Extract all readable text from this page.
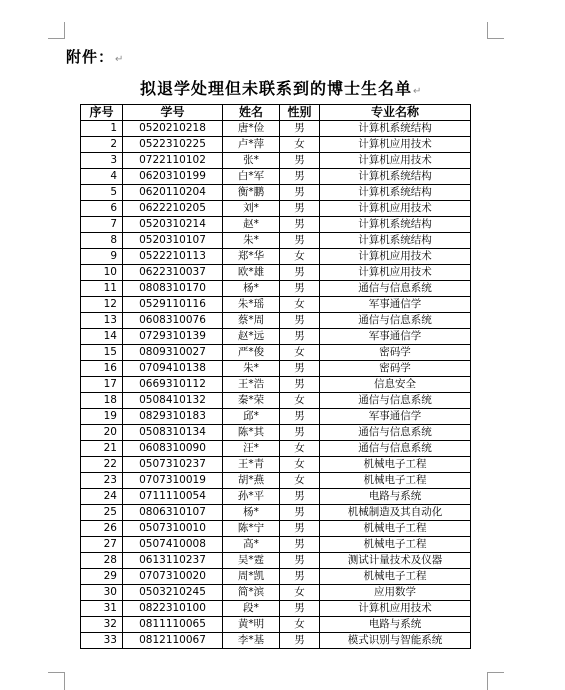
附件：↵
拟退学处理但未联系到的博士生名单↵
序号	学号	姓名	性别	专业名称
1	0520210218	唐*俭	男	计算机系统结构
2	0522310225	卢*萍	女	计算机应用技术
3	0722110102	张*	男	计算机应用技术
4	0620310199	白*军	男	计算机系统结构
5	0620110204	衡*鹏	男	计算机系统结构
6	0622210205	刘*	男	计算机应用技术
7	0520310214	赵*	男	计算机系统结构
8	0520310107	朱*	男	计算机系统结构
9	0522210113	郑*华	女	计算机应用技术
10	0622310037	欧*雄	男	计算机应用技术
11	0808310170	杨*	男	通信与信息系统
12	0529110116	朱*瑶	女	军事通信学
13	0608310076	蔡*周	男	通信与信息系统
14	0729310139	赵*远	男	军事通信学
15	0809310027	严*俊	女	密码学
16	0709410138	朱*	男	密码学
17	0669310112	王*浩	男	信息安全
18	0508410132	秦*荣	女	通信与信息系统
19	0829310183	邱*	男	军事通信学
20	0508310134	陈*其	男	通信与信息系统
21	0608310090	汪*	女	通信与信息系统
22	0507310237	王*青	女	机械电子工程
23	0707310019	胡*燕	女	机械电子工程
24	0711110054	孙*平	男	电路与系统
25	0806310107	杨*	男	机械制造及其自动化
26	0507310010	陈*宁	男	机械电子工程
27	0507410008	高*	男	机械电子工程
28	0613110237	吴*霆	男	测试计量技术及仪器
29	0707310020	周*凯	男	机械电子工程
30	0503210245	简*滨	女	应用数学
31	0822310100	段*	男	计算机应用技术
32	0811110065	黄*明	女	电路与系统
33	0812110067	李*基	男	模式识别与智能系统
